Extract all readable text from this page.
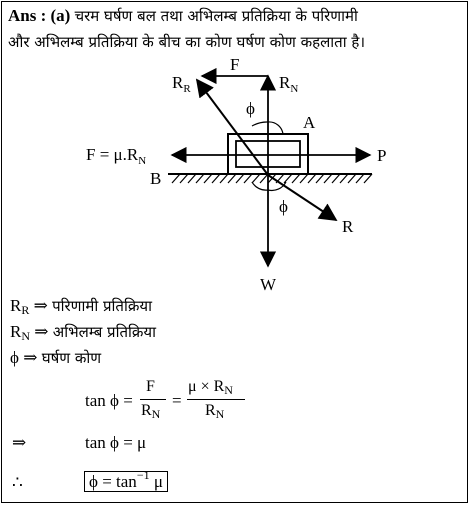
Ans : (a) चरम घर्षण बल तथा अभिलम्ब प्रतिक्रिया के परिणामी
और अभिलम्ब प्रतिक्रिया के बीच का कोण घर्षण कोण कहलाता है।
F
$R_R$	$R_N$
ϕ
A
$F = \mu.R_N$	P
B
ϕ
R
W
$R_R$ ⇒ परिणामी प्रतिक्रिया
$R_N$ ⇒ अभिलम्ब प्रतिक्रिया
ϕ ⇒ घर्षण कोण
tan ϕ =
F
$R_N$
=
$\mu \times R_N$
$R_N$
⇒	tan ϕ = μ
∴	$\phi = \tan^{-1} \mu$
